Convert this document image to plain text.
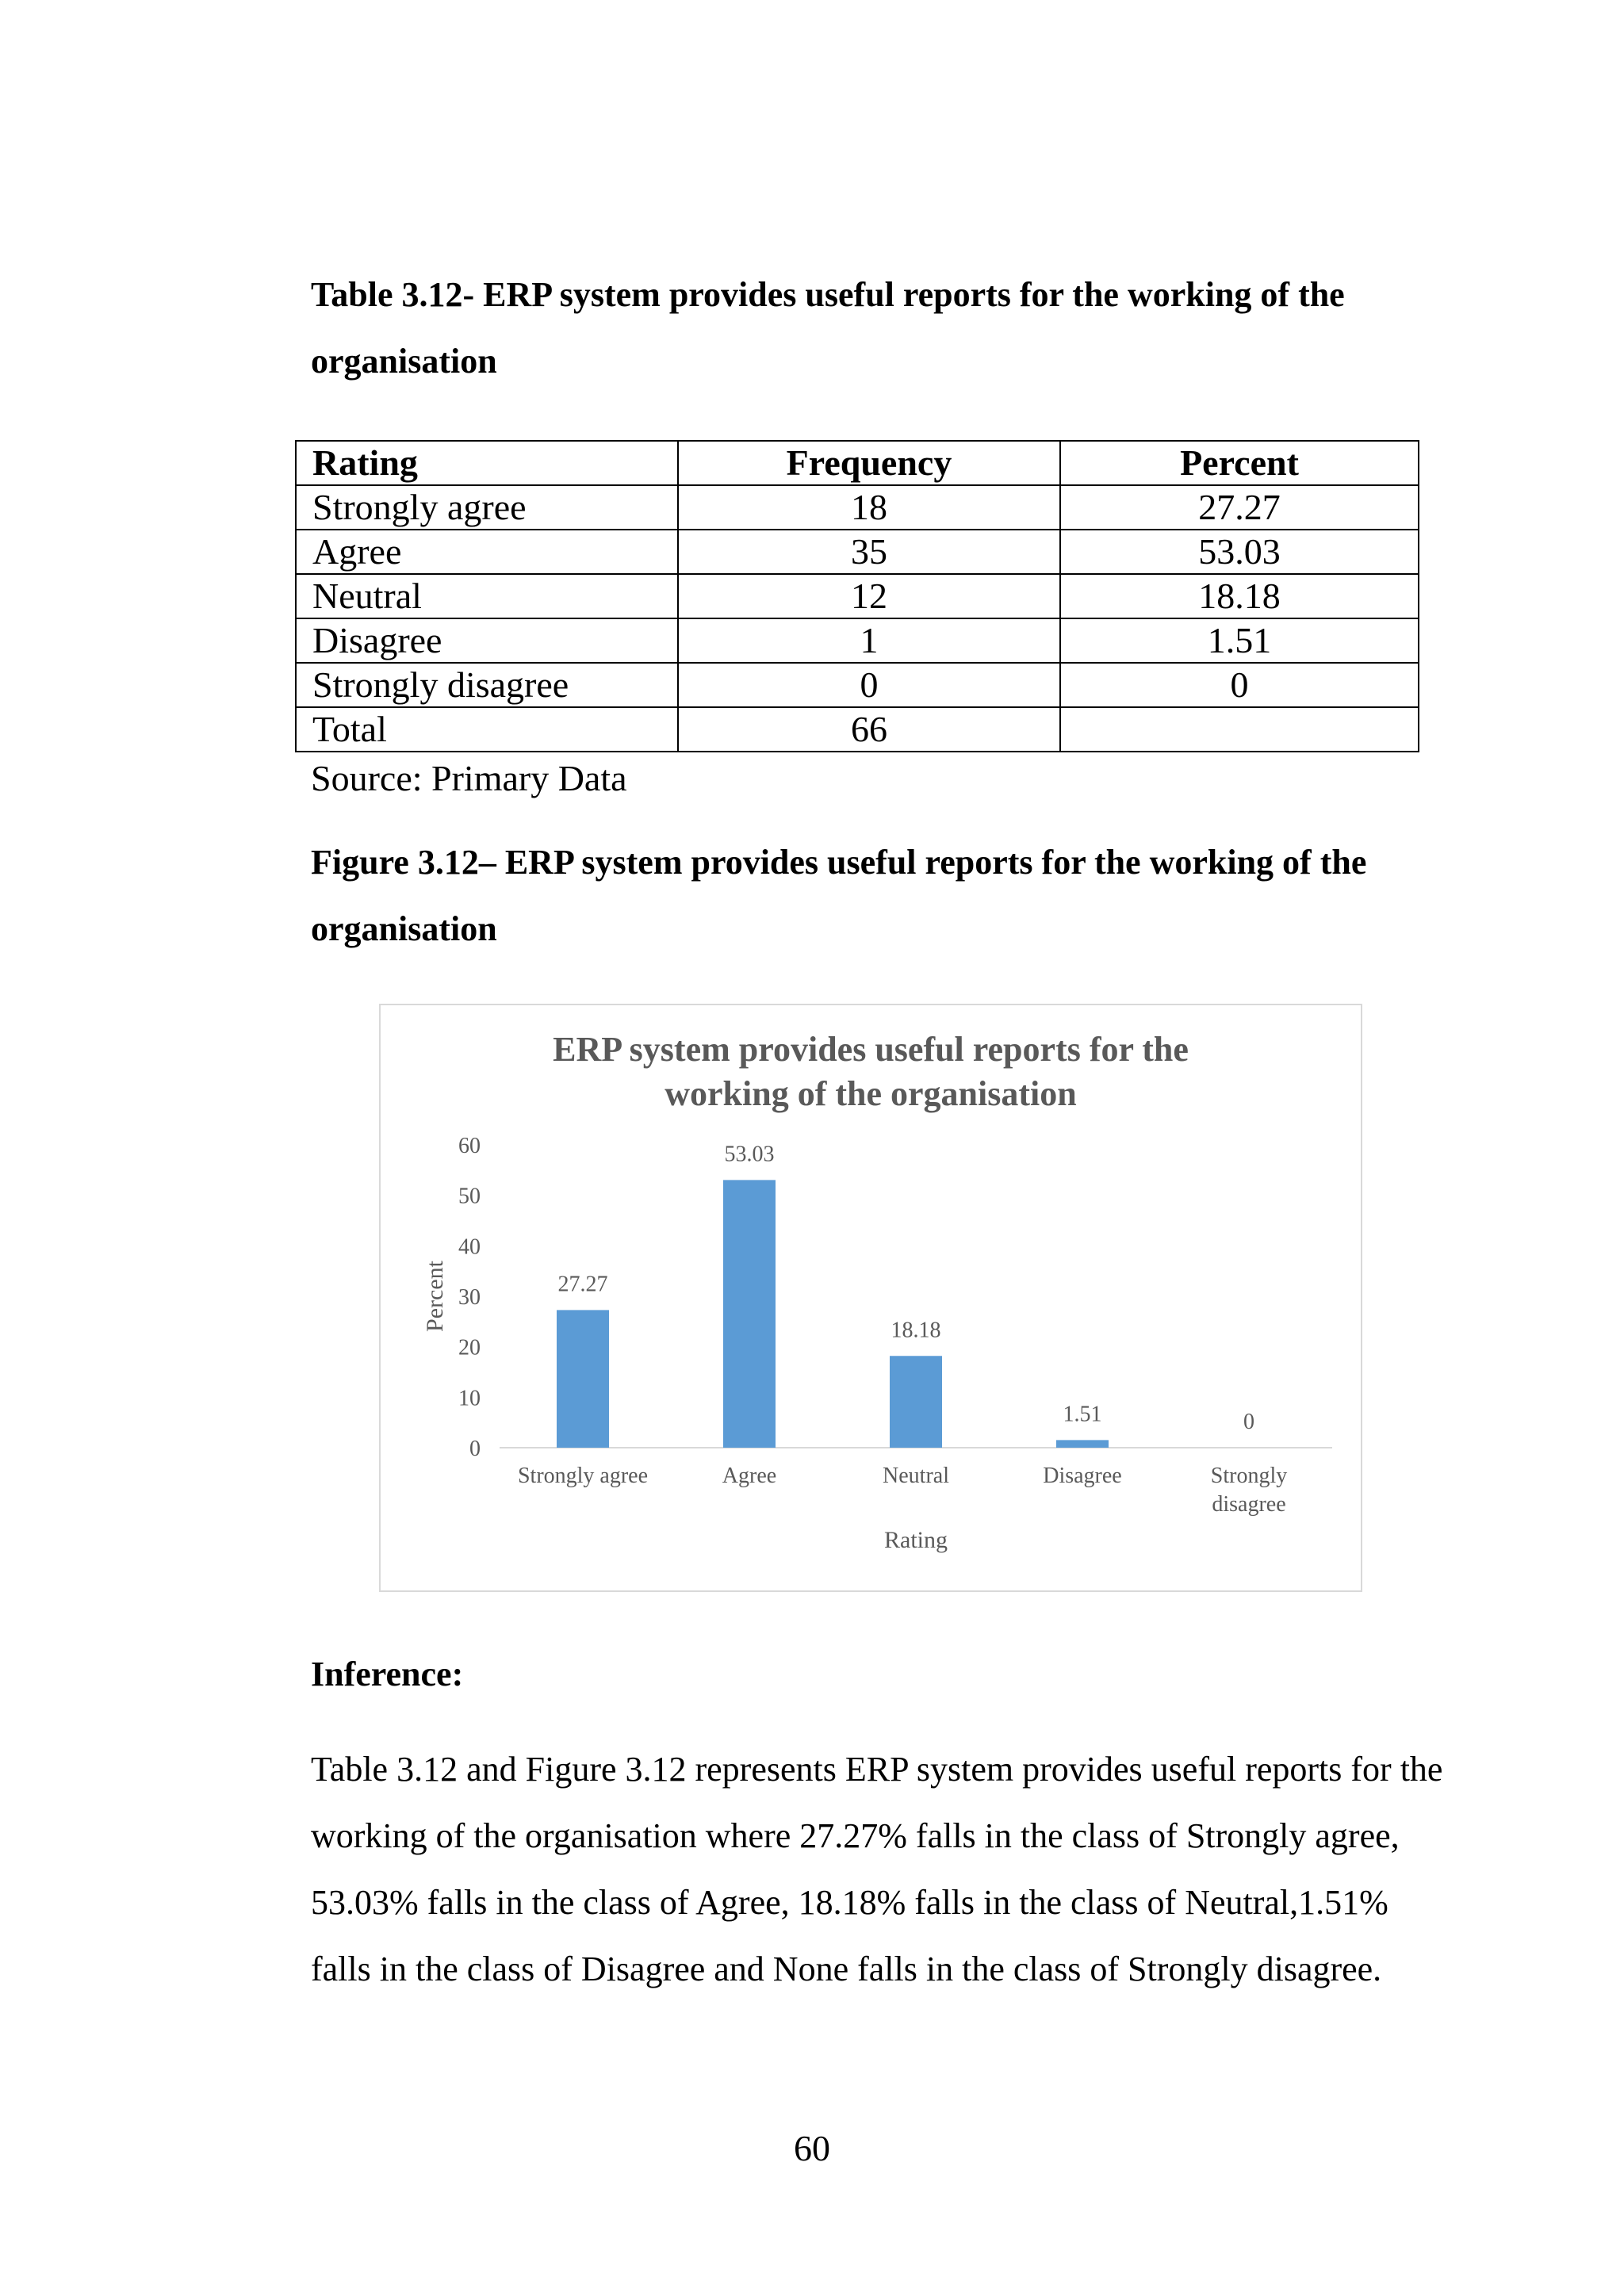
Table 3.12- ERP system provides useful reports for the working of the organisation

Rating	Frequency	Percent
Strongly agree	18	27.27
Agree	35	53.03
Neutral	12	18.18
Disagree	1	1.51
Strongly disagree	0	0
Total	66	
Source: Primary Data

Figure 3.12– ERP system provides useful reports for the working of the organisation

ERP system provides useful reports for the
working of the organisation
0
10
20
30
40
50
60
Percent	27.27
Strongly agree
53.03
Agree
18.18
Neutral
1.51
Disagree
0
Strongly
disagree
Rating
Inference:

Table 3.12 and Figure 3.12 represents ERP system provides useful reports for the working of the organisation where 27.27% falls in the class of Strongly agree, 53.03% falls in the class of Agree, 18.18% falls in the class of Neutral,1.51% falls in the class of Disagree and None falls in the class of Strongly disagree.

60
